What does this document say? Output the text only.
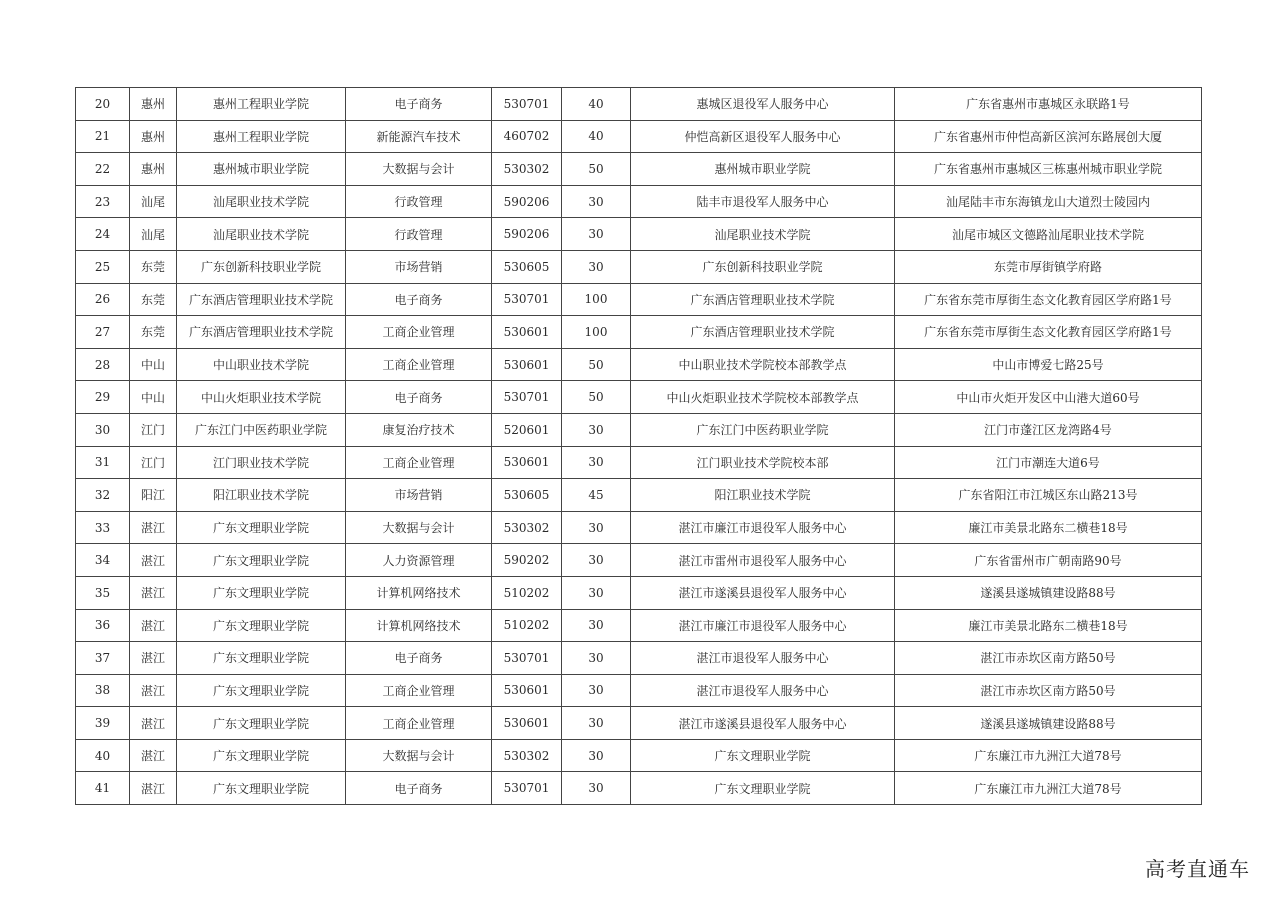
20	惠州	惠州工程职业学院	电子商务	530701	40	惠城区退役军人服务中心	广东省惠州市惠城区永联路1号
21	惠州	惠州工程职业学院	新能源汽车技术	460702	40	仲恺高新区退役军人服务中心	广东省惠州市仲恺高新区滨河东路展创大厦
22	惠州	惠州城市职业学院	大数据与会计	530302	50	惠州城市职业学院	广东省惠州市惠城区三栋惠州城市职业学院
23	汕尾	汕尾职业技术学院	行政管理	590206	30	陆丰市退役军人服务中心	汕尾陆丰市东海镇龙山大道烈士陵园内
24	汕尾	汕尾职业技术学院	行政管理	590206	30	汕尾职业技术学院	汕尾市城区文德路汕尾职业技术学院
25	东莞	广东创新科技职业学院	市场营销	530605	30	广东创新科技职业学院	东莞市厚街镇学府路
26	东莞	广东酒店管理职业技术学院	电子商务	530701	100	广东酒店管理职业技术学院	广东省东莞市厚街生态文化教育园区学府路1号
27	东莞	广东酒店管理职业技术学院	工商企业管理	530601	100	广东酒店管理职业技术学院	广东省东莞市厚街生态文化教育园区学府路1号
28	中山	中山职业技术学院	工商企业管理	530601	50	中山职业技术学院校本部教学点	中山市博爱七路25号
29	中山	中山火炬职业技术学院	电子商务	530701	50	中山火炬职业技术学院校本部教学点	中山市火炬开发区中山港大道60号
30	江门	广东江门中医药职业学院	康复治疗技术	520601	30	广东江门中医药职业学院	江门市蓬江区龙湾路4号
31	江门	江门职业技术学院	工商企业管理	530601	30	江门职业技术学院校本部	江门市潮连大道6号
32	阳江	阳江职业技术学院	市场营销	530605	45	阳江职业技术学院	广东省阳江市江城区东山路213号
33	湛江	广东文理职业学院	大数据与会计	530302	30	湛江市廉江市退役军人服务中心	廉江市美景北路东二横巷18号
34	湛江	广东文理职业学院	人力资源管理	590202	30	湛江市雷州市退役军人服务中心	广东省雷州市广朝南路90号
35	湛江	广东文理职业学院	计算机网络技术	510202	30	湛江市遂溪县退役军人服务中心	遂溪县遂城镇建设路88号
36	湛江	广东文理职业学院	计算机网络技术	510202	30	湛江市廉江市退役军人服务中心	廉江市美景北路东二横巷18号
37	湛江	广东文理职业学院	电子商务	530701	30	湛江市退役军人服务中心	湛江市赤坎区南方路50号
38	湛江	广东文理职业学院	工商企业管理	530601	30	湛江市退役军人服务中心	湛江市赤坎区南方路50号
39	湛江	广东文理职业学院	工商企业管理	530601	30	湛江市遂溪县退役军人服务中心	遂溪县遂城镇建设路88号
40	湛江	广东文理职业学院	大数据与会计	530302	30	广东文理职业学院	广东廉江市九洲江大道78号
41	湛江	广东文理职业学院	电子商务	530701	30	广东文理职业学院	广东廉江市九洲江大道78号
高考直通车
